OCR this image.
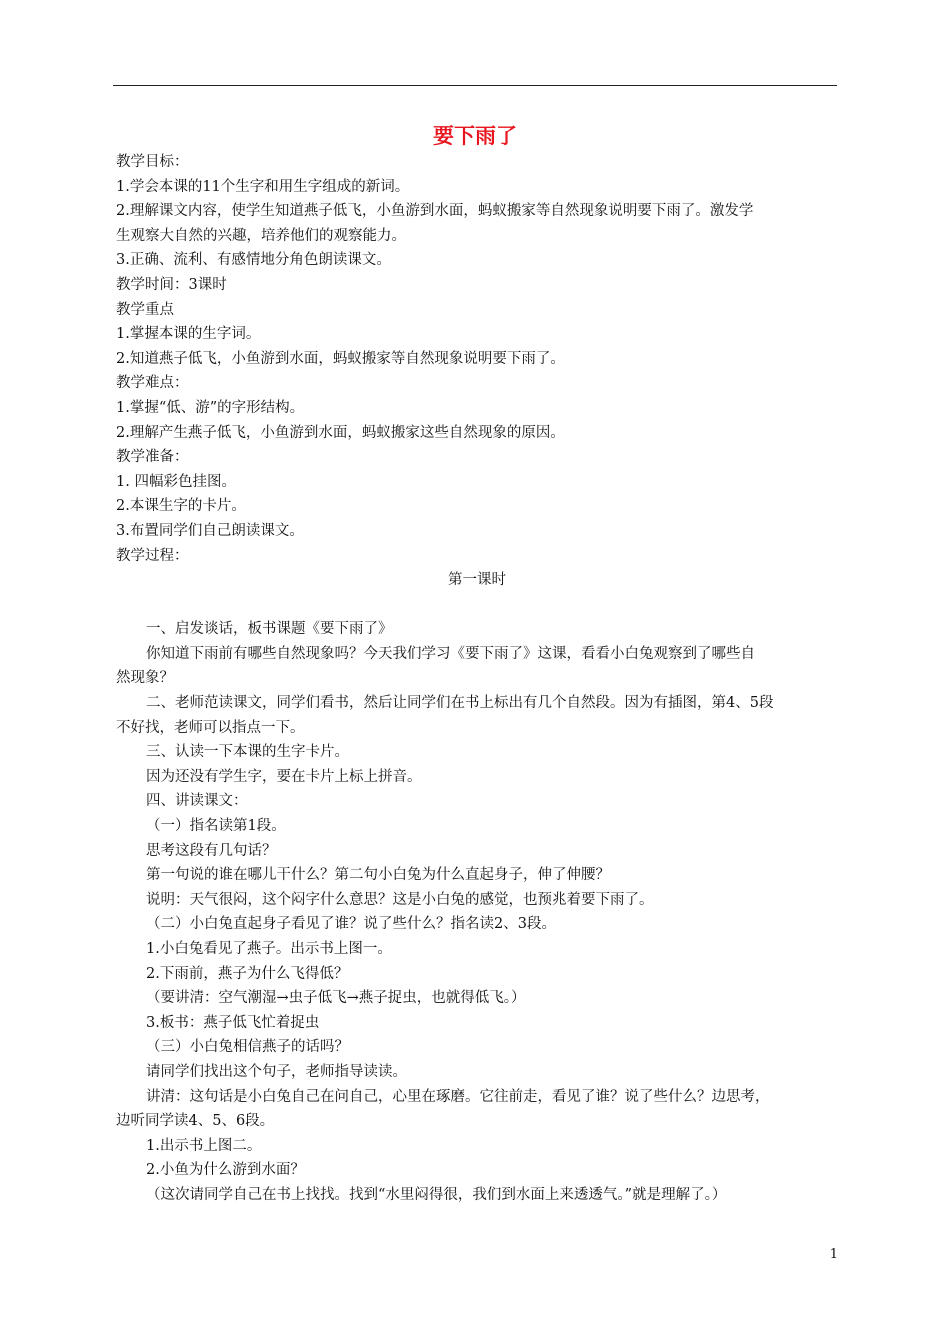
要下雨了
教学目标：
1.学会本课的11个生字和用生字组成的新词。
2.理解课文内容，使学生知道燕子低飞，小鱼游到水面，蚂蚁搬家等自然现象说明要下雨了。激发学
生观察大自然的兴趣，培养他们的观察能力。
3.正确、流利、有感情地分角色朗读课文。
教学时间：3课时
教学重点
1.掌握本课的生字词。
2.知道燕子低飞，小鱼游到水面，蚂蚁搬家等自然现象说明要下雨了。
教学难点：
1.掌握“低、游”的字形结构。
2.理解产生燕子低飞，小鱼游到水面，蚂蚁搬家这些自然现象的原因。
教学准备：
1. 四幅彩色挂图。
2.本课生字的卡片。
3.布置同学们自己朗读课文。
教学过程：
第一课时
一、启发谈话，板书课题《要下雨了》
你知道下雨前有哪些自然现象吗？今天我们学习《要下雨了》这课，看看小白兔观察到了哪些自
然现象？
二、老师范读课文，同学们看书，然后让同学们在书上标出有几个自然段。因为有插图，第4、5段
不好找，老师可以指点一下。
三、认读一下本课的生字卡片。
因为还没有学生字，要在卡片上标上拼音。
四、讲读课文：
（一）指名读第1段。
思考这段有几句话？
第一句说的谁在哪儿干什么？第二句小白兔为什么直起身子，伸了伸腰？
说明：天气很闷，这个闷字什么意思？这是小白兔的感觉，也预兆着要下雨了。
（二）小白兔直起身子看见了谁？说了些什么？指名读2、3段。
1.小白兔看见了燕子。出示书上图一。
2.下雨前，燕子为什么飞得低？
（要讲清：空气潮湿→虫子低飞→燕子捉虫，也就得低飞。）
3.板书：燕子低飞忙着捉虫
（三）小白兔相信燕子的话吗？
请同学们找出这个句子，老师指导读读。
讲清：这句话是小白兔自己在问自己，心里在琢磨。它往前走，看见了谁？说了些什么？边思考，
边听同学读4、5、6段。
1.出示书上图二。
2.小鱼为什么游到水面？
（这次请同学自己在书上找找。找到“水里闷得很，我们到水面上来透透气。”就是理解了。）
1
